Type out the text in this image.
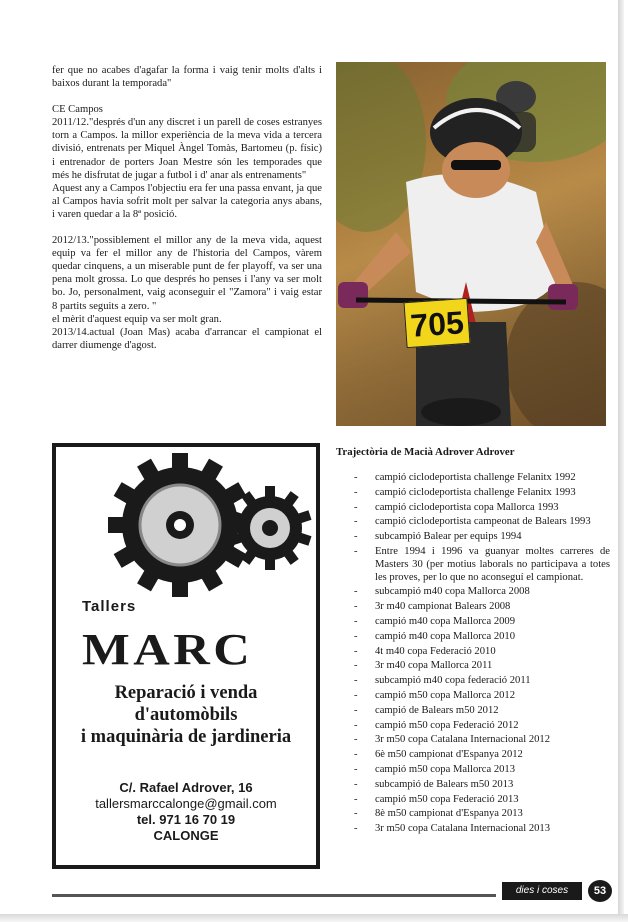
fer que no acabes d'agafar la forma i vaig tenir molts d'alts i baixos durant la temporada"

CE Campos

2011/12."després d'un any discret i un parell de coses estranyes torn a Campos. la millor experiència de la meva vida a tercera divisió, entrenats per Miquel Àngel Tomàs, Bartomeu (p. físic) i entrenador de porters Joan Mestre són les temporades que més he disfrutat de jugar a futbol i d' anar als entrenaments"

Aquest any a Campos l'objectiu era fer una passa envant, ja que al Campos havia sofrit molt per salvar la categoria anys abans, i varen quedar a la 8ª posició.

2012/13."possiblement el millor any de la meva vida, aquest equip va fer el millor any de l'historia del Campos, vàrem quedar cinquens, a un miserable punt de fer playoff, va ser una pena molt grossa. Lo que després ho penses i l'any va ser molt bo. Jo, personalment, vaig aconseguir el "Zamora" i vaig estar 8 partits seguits a zero. "

el mèrit d'aquest equip va ser molt gran.

2013/14.actual (Joan Mas) acaba d'arrancar el campionat el darrer diumenge d'agost.

705
Tallers
MARC
Reparació i venda
d'automòbils
i maquinària de jardineria
C/. Rafael Adrover, 16
tallersmarccalonge@gmail.com
tel. 971 16 70 19
CALONGE
Trajectòria de Macià Adrover Adrover
- campió ciclodeportista challenge Felanitx 1992
- campió ciclodeportista challenge Felanitx 1993
- campió ciclodeportista copa Mallorca 1993
- campió ciclodeportista campeonat de Balears 1993
- subcampió Balear per equips 1994
- Entre 1994 i 1996 va guanyar moltes carreres de Masters 30 (per motius laborals no participava a totes les proves, per lo que no aconseguí el campionat.
- subcampió m40 copa Mallorca 2008
- 3r m40 campionat Balears 2008
- campió m40 copa Mallorca 2009
- campió m40 copa Mallorca 2010
- 4t m40 copa Federació 2010
- 3r m40 copa Mallorca 2011
- subcampió m40 copa federació 2011
- campió m50 copa Mallorca 2012
- campió de Balears m50 2012
- campió m50 copa Federació 2012
- 3r m50 copa Catalana Internacional 2012
- 6è m50 campionat d'Espanya 2012
- campió m50 copa Mallorca 2013
- subcampió de Balears m50 2013
- campió m50 copa Federació 2013
- 8è m50 campionat d'Espanya 2013
- 3r m50 copa Catalana Internacional 2013
dies i coses	53
